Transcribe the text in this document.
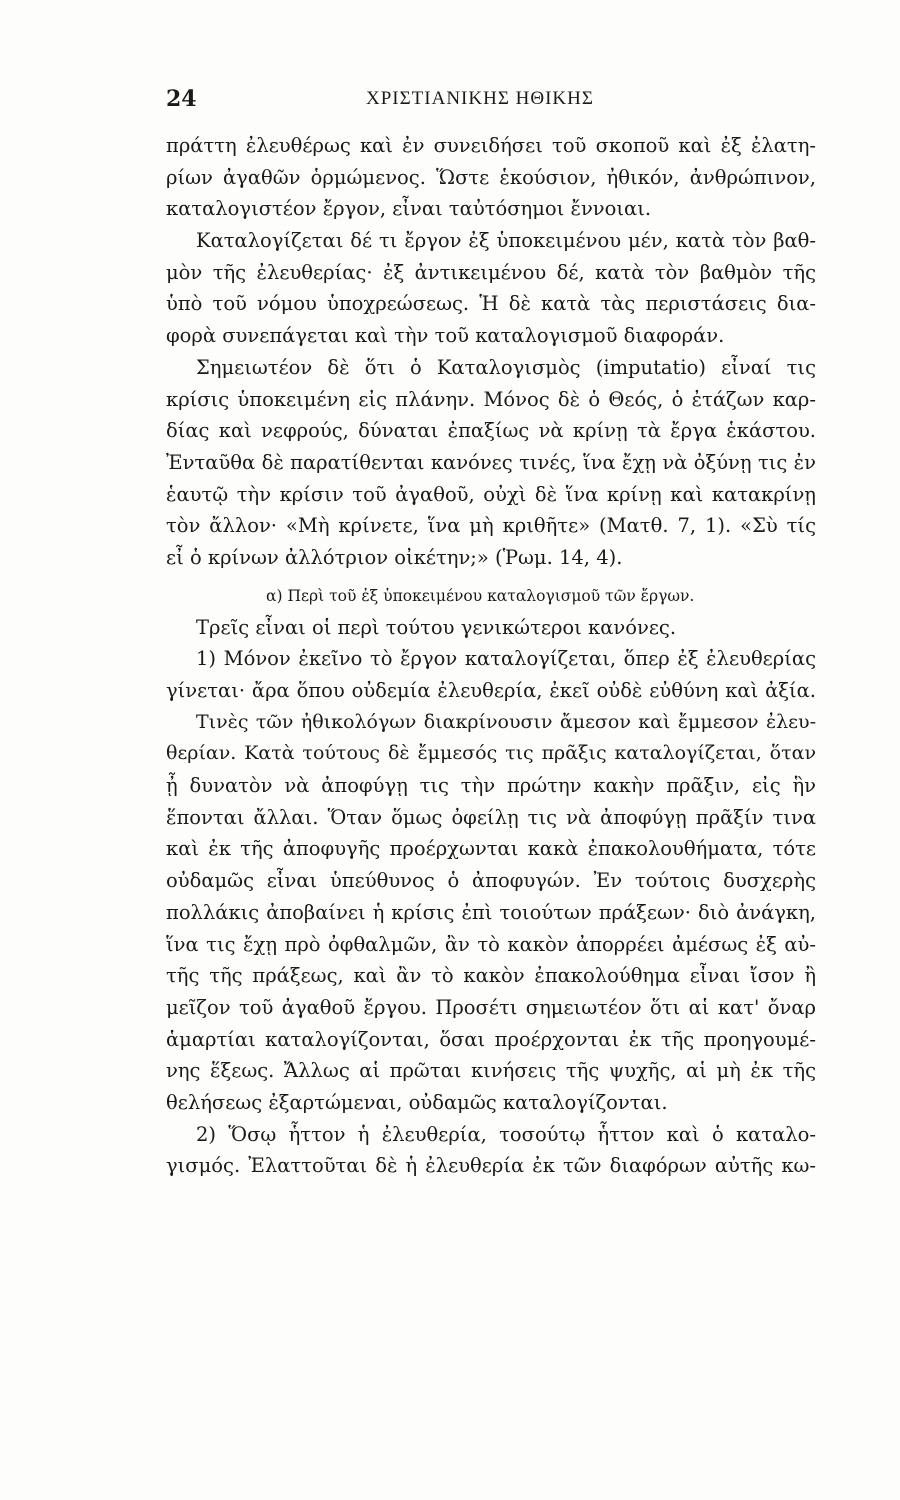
24	ΧΡΙΣΤΙΑΝΙΚΗΣ ΗΘΙΚΗΣ
πράττη ἐλευθέρως καὶ ἐν συνειδήσει τοῦ σκοποῦ καὶ ἐξ ἐλατη-
ρίων ἀγαθῶν ὁρμώμενος. Ὥστε ἑκούσιον, ἠθικόν, ἀνθρώπινον,
καταλογιστέον ἔργον, εἶναι ταὐτόσημοι ἔννοιαι.
Καταλογίζεται δέ τι ἔργον ἐξ ὑποκειμένου μέν, κατὰ τὸν βαθ-
μὸν τῆς ἐλευθερίας· ἐξ ἀντικειμένου δέ, κατὰ τὸν βαθμὸν τῆς
ὑπὸ τοῦ νόμου ὑποχρεώσεως. Ἡ δὲ κατὰ τὰς περιστάσεις δια-
φορὰ συνεπάγεται καὶ τὴν τοῦ καταλογισμοῦ διαφοράν.
Σημειωτέον δὲ ὅτι ὁ Καταλογισμὸς (imputatio) εἶναί τις
κρίσις ὑποκειμένη εἰς πλάνην. Μόνος δὲ ὁ Θεός, ὁ ἐτάζων καρ-
δίας καὶ νεφρούς, δύναται ἐπαξίως νὰ κρίνῃ τὰ ἔργα ἑκάστου.
Ἐνταῦθα δὲ παρατίθενται κανόνες τινές, ἵνα ἔχῃ νὰ ὀξύνῃ τις ἐν
ἑαυτῷ τὴν κρίσιν τοῦ ἀγαθοῦ, οὐχὶ δὲ ἵνα κρίνῃ καὶ κατακρίνῃ
τὸν ἄλλον· «Μὴ κρίνετε, ἵνα μὴ κριθῆτε» (Ματθ. 7, 1). «Σὺ τίς
εἶ ὁ κρίνων ἀλλότριον οἰκέτην;» (Ῥωμ. 14, 4).
α) Περὶ τοῦ ἐξ ὑποκειμένου καταλογισμοῦ τῶν ἔργων.
Τρεῖς εἶναι οἱ περὶ τούτου γενικώτεροι κανόνες.
1) Μόνον ἐκεῖνο τὸ ἔργον καταλογίζεται, ὅπερ ἐξ ἐλευθερίας
γίνεται· ἄρα ὅπου οὐδεμία ἐλευθερία, ἐκεῖ οὐδὲ εὐθύνη καὶ ἀξία.
Τινὲς τῶν ἠθικολόγων διακρίνουσιν ἄμεσον καὶ ἔμμεσον ἐλευ-
θερίαν. Κατὰ τούτους δὲ ἔμμεσός τις πρᾶξις καταλογίζεται, ὅταν
ᾖ δυνατὸν νὰ ἀποφύγῃ τις τὴν πρώτην κακὴν πρᾶξιν, εἰς ἣν
ἕπονται ἄλλαι. Ὅταν ὅμως ὀφείλῃ τις νὰ ἀποφύγῃ πρᾶξίν τινα
καὶ ἐκ τῆς ἀποφυγῆς προέρχωνται κακὰ ἐπακολουθήματα, τότε
οὐδαμῶς εἶναι ὑπεύθυνος ὁ ἀποφυγών. Ἐν τούτοις δυσχερὴς
πολλάκις ἀποβαίνει ἡ κρίσις ἐπὶ τοιούτων πράξεων· διὸ ἀνάγκη,
ἵνα τις ἔχῃ πρὸ ὀφθαλμῶν, ἂν τὸ κακὸν ἀπορρέει ἀμέσως ἐξ αὐ-
τῆς τῆς πράξεως, καὶ ἂν τὸ κακὸν ἐπακολούθημα εἶναι ἴσον ἢ
μεῖζον τοῦ ἀγαθοῦ ἔργου. Προσέτι σημειωτέον ὅτι αἱ κατ' ὄναρ
ἁμαρτίαι καταλογίζονται, ὅσαι προέρχονται ἐκ τῆς προηγουμέ-
νης ἕξεως. Ἄλλως αἱ πρῶται κινήσεις τῆς ψυχῆς, αἱ μὴ ἐκ τῆς
θελήσεως ἐξαρτώμεναι, οὐδαμῶς καταλογίζονται.
2) Ὅσῳ ἧττον ἡ ἐλευθερία, τοσούτῳ ἧττον καὶ ὁ καταλο-
γισμός. Ἐλαττοῦται δὲ ἡ ἐλευθερία ἐκ τῶν διαφόρων αὐτῆς κω-
